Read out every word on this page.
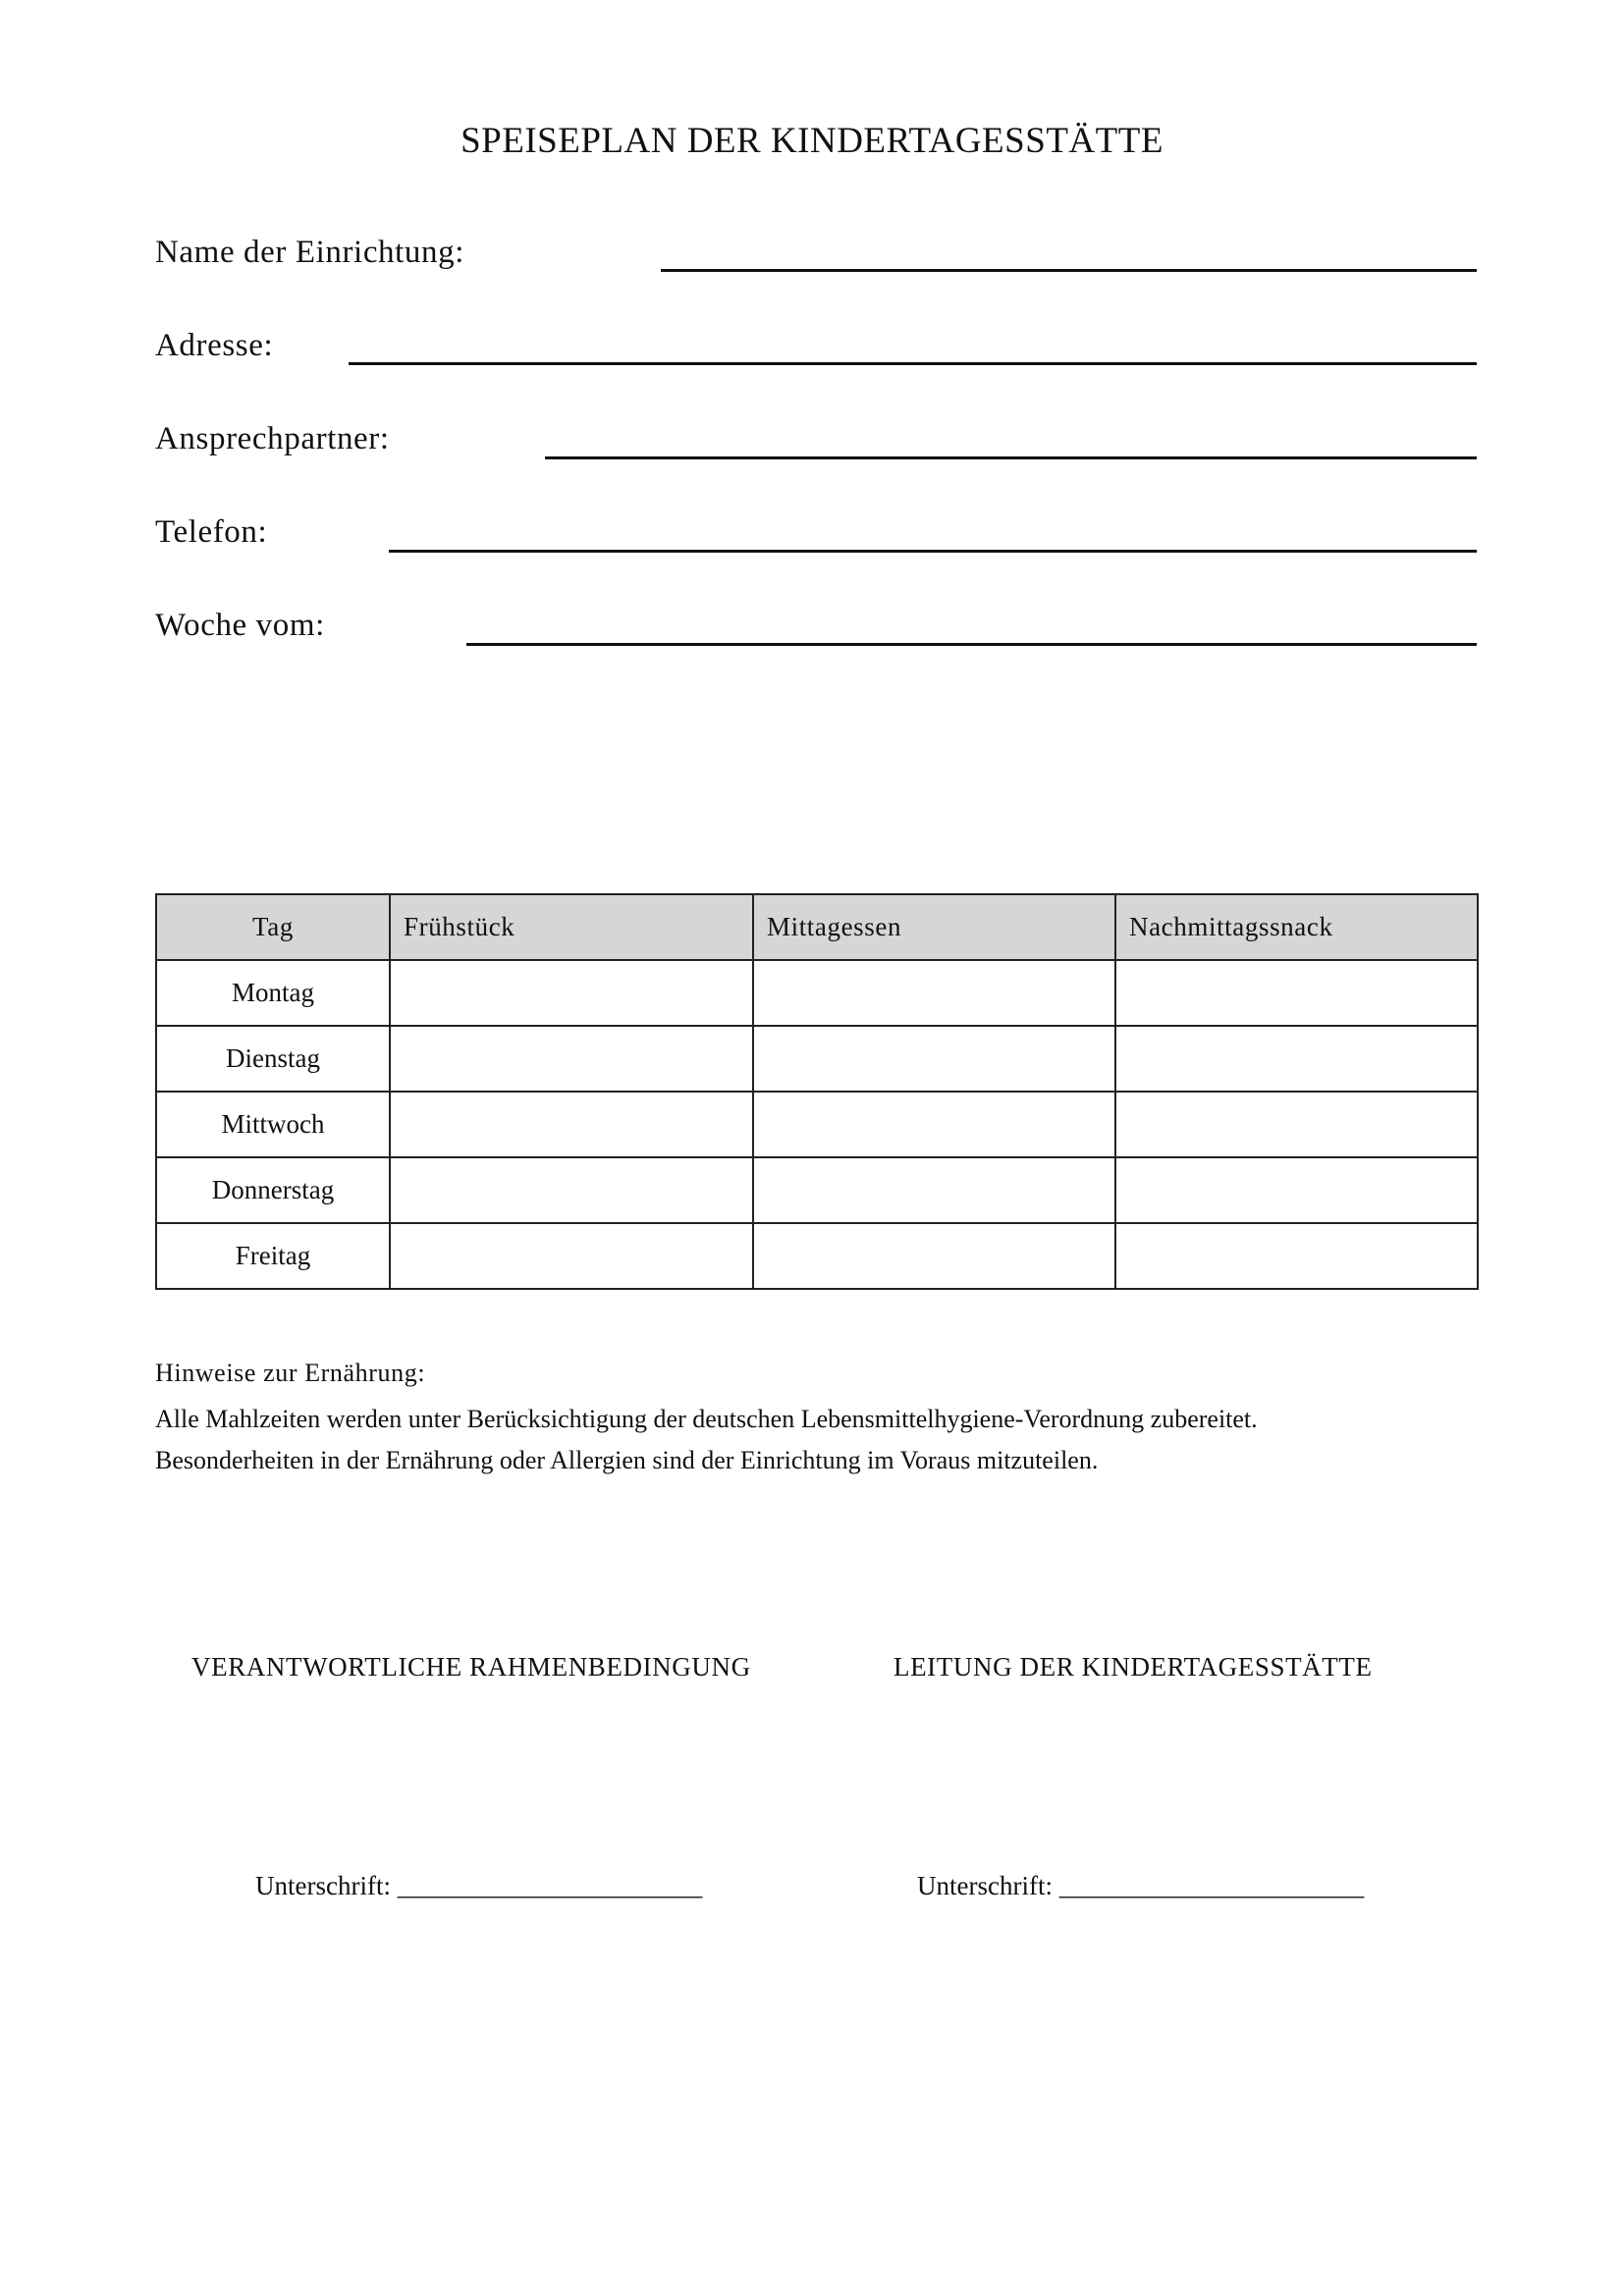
SPEISEPLAN DER KINDERTAGESSTÄTTE
Name der Einrichtung:
Adresse:
Ansprechpartner:
Telefon:
Woche vom:
Tag	Frühstück	Mittagessen	Nachmittagssnack
Montag			
Dienstag			
Mittwoch			
Donnerstag			
Freitag			
Hinweise zur Ernährung:
Alle Mahlzeiten werden unter Berücksichtigung der deutschen Lebensmittelhygiene-Verordnung zubereitet.
Besonderheiten in der Ernährung oder Allergien sind der Einrichtung im Voraus mitzuteilen.
VERANTWORTLICHE RAHMENBEDINGUNG	LEITUNG DER KINDERTAGESSTÄTTE
Unterschrift: _______________________	Unterschrift: _______________________
